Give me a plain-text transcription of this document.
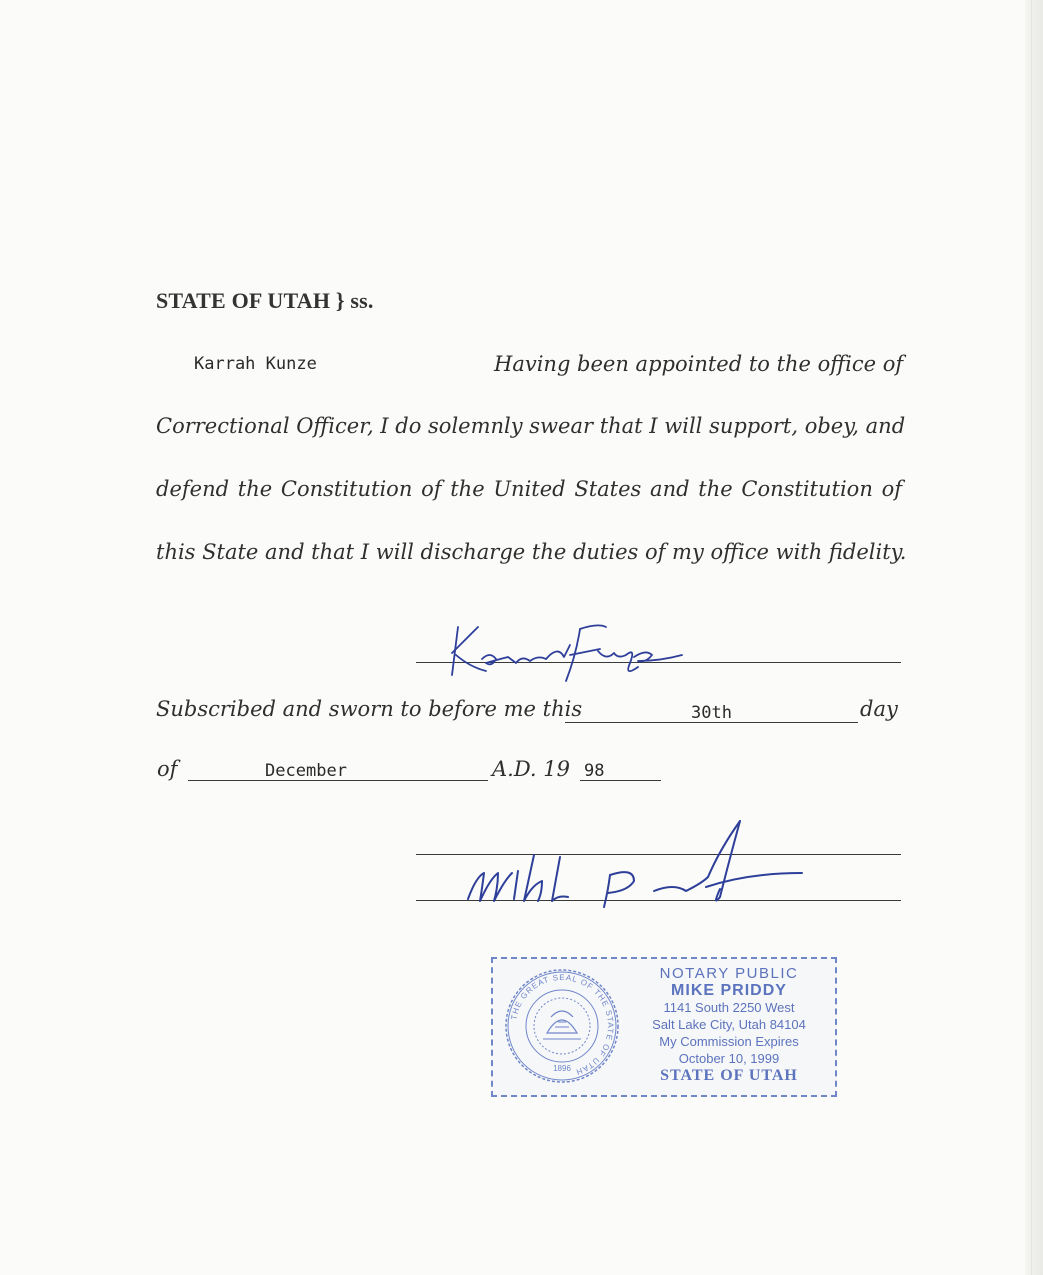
STATE OF UTAH } ss.
Karrah Kunze	Having been appointed to the office of
Correctional Officer, I do solemnly swear that I will support, obey, and
defend the Constitution of the United States and the Constitution of
this State and that I will discharge the duties of my office with fidelity.
Subscribed and sworn to before me this	30th	day
of	December	A.D. 19 98
THE GREAT SEAL OF THE STATE OF UTAH
1896
NOTARY PUBLIC
MIKE PRIDDY
1141 South 2250 West
Salt Lake City, Utah 84104
My Commission Expires
October 10, 1999
STATE OF UTAH
